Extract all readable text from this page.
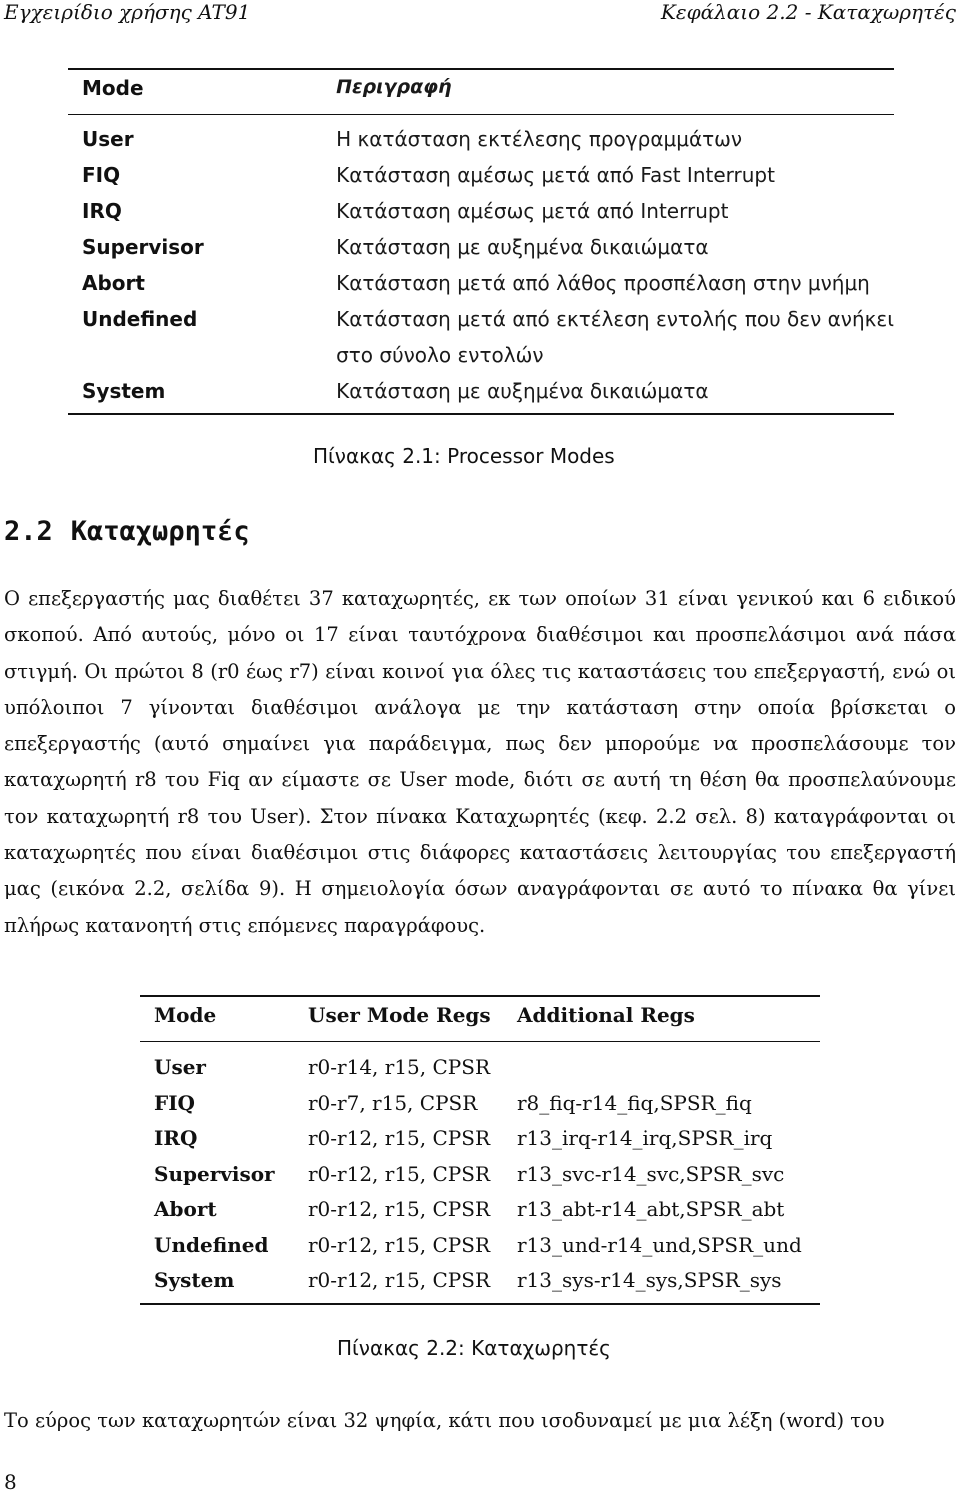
Εγχειρίδιο χρήσης AT91	Κεφάλαιο 2.2 - Καταχωρητές
Mode	Περιγραφή

User	Η κατάσταση εκτέλεσης προγραμμάτων
FIQ	Κατάσταση αμέσως μετά από Fast Interrupt
IRQ	Κατάσταση αμέσως μετά από Interrupt
Supervisor	Κατάσταση με αυξημένα δικαιώματα
Abort	Κατάσταση μετά από λάθος προσπέλαση στην μνήμη
Undefined	Κατάσταση μετά από εκτέλεση εντολής που δεν ανήκει
	στο σύνολο εντολών
System	Κατάσταση με αυξημένα δικαιώματα

Πίνακας 2.1: Processor Modes
2.2 Καταχωρητές
Ο επεξεργαστής μας διαθέτει 37 καταχωρητές, εκ των οποίων 31 είναι γενικού και 6 ειδικού σκοπού. Από αυτούς, μόνο οι 17 είναι ταυτόχρονα διαθέσιμοι και προσπελάσιμοι ανά πάσα στιγμή. Οι πρώτοι 8 (r0 έως r7) είναι κοινοί για όλες τις καταστάσεις του επεξεργαστή, ενώ οι υπόλοιποι 7 γίνονται διαθέσιμοι ανάλογα με την κατάσταση στην οποία βρίσκεται ο επεξεργαστής (αυτό σημαίνει για παράδειγμα, πως δεν μπορούμε να προσπελάσουμε τον καταχωρητή r8 του Fiq αν είμαστε σε User mode, διότι σε αυτή τη θέση θα προσπελαύνουμε τον καταχωρητή r8 του User). Στον πίνακα Καταχωρητές (κεφ. 2.2 σελ. 8) καταγράφονται οι καταχωρητές που είναι διαθέσιμοι στις διάφορες καταστάσεις λειτουργίας του επεξεργαστή μας (εικόνα 2.2, σελίδα 9). Η σημειολογία όσων αναγράφονται σε αυτό το πίνακα θα γίνει πλήρως κατανοητή στις επόμενες παραγράφους.
Mode	User Mode Regs	Additional Regs

User	r0-r14, r15, CPSR	
FIQ	r0-r7, r15, CPSR	r8_fiq-r14_fiq,SPSR_fiq
IRQ	r0-r12, r15, CPSR	r13_irq-r14_irq,SPSR_irq
Supervisor	r0-r12, r15, CPSR	r13_svc-r14_svc,SPSR_svc
Abort	r0-r12, r15, CPSR	r13_abt-r14_abt,SPSR_abt
Undefined	r0-r12, r15, CPSR	r13_und-r14_und,SPSR_und
System	r0-r12, r15, CPSR	r13_sys-r14_sys,SPSR_sys

Πίνακας 2.2: Καταχωρητές
Το εύρος των καταχωρητών είναι 32 ψηφία, κάτι που ισοδυναμεί με μια λέξη (word) του
8
